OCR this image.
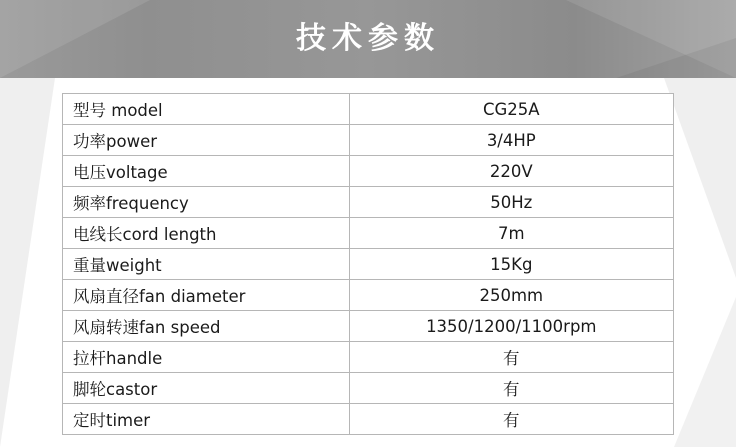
技术参数
型号 model	CG25A
功率power	3/4HP
电压voltage	220V
频率frequency	50Hz
电线长cord length	7m
重量weight	15Kg
风扇直径fan diameter	250mm
风扇转速fan speed	1350/1200/1100rpm
拉杆handle	有
脚轮castor	有
定时timer	有
